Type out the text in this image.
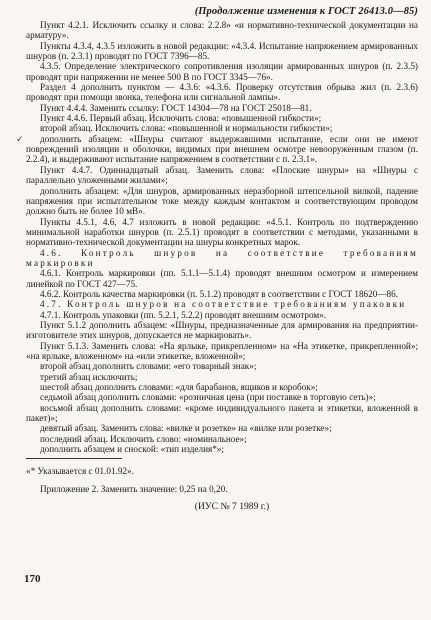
(Продолжение изменения к ГОСТ 26413.0—85)
✓

Пункт 4.2.1. Исключить ссылку и слова: 2.2.8» «и нормативно-технической документации на арматуру».

Пункты 4.3.4, 4.3.5 изложить в новой редакции: «4.3.4. Испытание напряжением армированных шнуров (п. 2.3.1) проводят по ГОСТ 7396—85.

4.3.5. Определение электрического сопротивления изоляции армированных шнуров (п. 2.3.5) проводят при напряжении не менее 500 В по ГОСТ 3345—76».

Раздел 4 дополнить пунктом — 4.3.6: «4.3.6. Проверку отсутствия обрыва жил (п. 2.3.6) проводят при помощи звонка, телефона или сигнальной лампы».

Пункт 4.4.4. Заменить ссылку: ГОСТ 14304—78 на ГОСТ 25018—81.

Пункт 4.4.6. Первый абзац. Исключить слова: «повышенной гибкости»;

второй абзац. Исключить слова: «повышенной и нормальности гибкости»;

дополнить абзацем: «Шнуры считают выдержавшими испытание, если они не имеют повреждений изоляции и оболочки, видимых при внешнем осмотре невооруженным глазом (п. 2.2.4), и выдерживают испытание напряжением в соответствии с п. 2.3.1».

Пункт 4.4.7. Одиннадцатый абзац. Заменить слова: «Плоские шнуры» на «Шнуры с параллельно уложенными жилами»;

дополнить абзацем: «Для шнуров, армированных неразборной штепсельной вилкой, падение напряжения при испытательном токе между каждым контактом и соответствующим проводом должно быть не более 10 мВ».

Пункты 4.5.1, 4.6, 4.7 изложить в новой редакции: «4.5.1. Контроль по подтверждению минимальной наработки шнуров (п. 2.5.1) проводят в соответствии с методами, указанными в нормативно-технической документации на шнуры конкретных марок.

4.6. Контроль шнуров на соответствие требованиям маркировки

4.6.1. Контроль маркировки (пп. 5.1.1—5.1.4) проводят внешним осмотром и измерением линейкой по ГОСТ 427—75.

4.6.2. Контроль качества маркировки (п. 5.1.2) проводят в соответствии с ГОСТ 18620—86.

4.7. Контроль шнуров на соответствие требованиям упаковки

4.7.1. Контроль упаковки (пп. 5.2.1, 5.2.2) проводят внешним осмотром».

Пункт 5.1.2 дополнить абзацем: «Шнуры, предназначенные для армирования на предприятии-изготовителе этих шнуров, допускается не маркировать».

Пункт 5.1.3. Заменить слова: «На ярлыке, прикрепленном» на «На этикетке, прикрепленной»; «на ярлыке, вложенном» на «или этикетке, вложенной»;

второй абзац дополнить словами: «его товарный знак»;

третий абзац исключить;

шестой абзац дополнить словами: «для барабанов, ящиков и коробок»;

седьмой абзац дополнить словами: «розничная цена (при поставке в торговую сеть)»;

восьмой абзац дополнить словами: «кроме индивидуального пакета и этикетки, вложенной в пакет)»;

девятый абзац. Заменить слова: «вилке и розетке» на «вилке или розетке»;

последний абзац. Исключить слово: «номинальное»;

дополнить абзацем и сноской: «тип изделия*»;

«* Указывается с 01.01.92».

Приложение 2. Заменить значение: 0,25 на 0,20.

(ИУС № 7 1989 г.)

170
